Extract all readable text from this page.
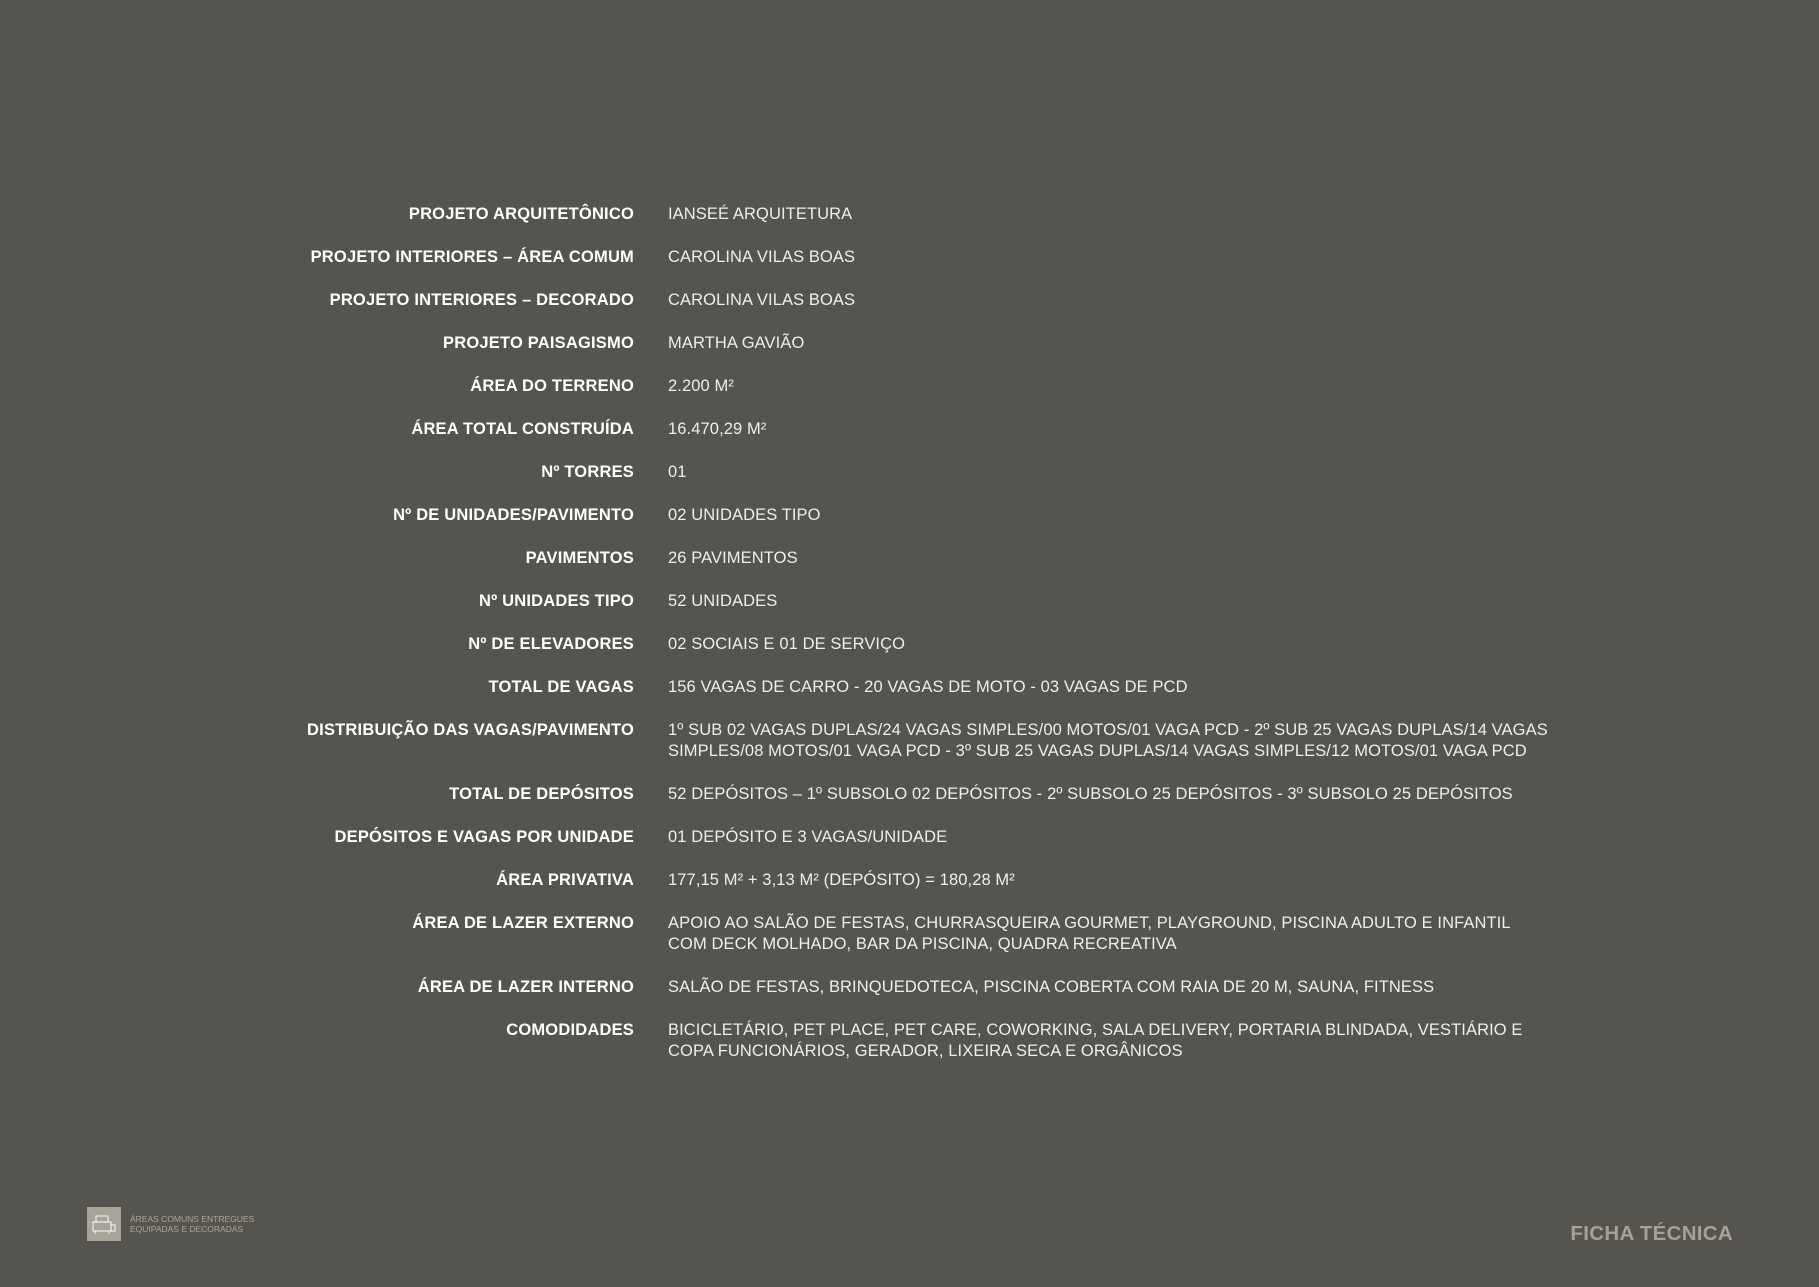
PROJETO ARQUITETÔNICO IANSEÉ ARQUITETURA
PROJETO INTERIORES – ÁREA COMUM CAROLINA VILAS BOAS
PROJETO INTERIORES – DECORADO CAROLINA VILAS BOAS
PROJETO PAISAGISMO MARTHA GAVIÃO
ÁREA DO TERRENO 2.200 M²
ÁREA TOTAL CONSTRUÍDA 16.470,29 M²
Nº TORRES 01
Nº DE UNIDADES/PAVIMENTO 02 UNIDADES TIPO
PAVIMENTOS 26 PAVIMENTOS
Nº UNIDADES TIPO 52 UNIDADES
Nº DE ELEVADORES 02 SOCIAIS E 01 DE SERVIÇO
TOTAL DE VAGAS 156 VAGAS DE CARRO - 20 VAGAS DE MOTO - 03 VAGAS DE PCD
DISTRIBUIÇÃO DAS VAGAS/PAVIMENTO 1º SUB 02 VAGAS DUPLAS/24 VAGAS SIMPLES/00 MOTOS/01 VAGA PCD - 2º SUB 25 VAGAS DUPLAS/14 VAGAS SIMPLES/08 MOTOS/01 VAGA PCD - 3º SUB 25 VAGAS DUPLAS/14 VAGAS SIMPLES/12 MOTOS/01 VAGA PCD
TOTAL DE DEPÓSITOS 52 DEPÓSITOS – 1º SUBSOLO 02 DEPÓSITOS - 2º SUBSOLO 25 DEPÓSITOS - 3º SUBSOLO 25 DEPÓSITOS
DEPÓSITOS E VAGAS POR UNIDADE 01 DEPÓSITO E 3 VAGAS/UNIDADE
ÁREA PRIVATIVA 177,15 M² + 3,13 M² (DEPÓSITO) = 180,28 M²
ÁREA DE LAZER EXTERNO APOIO AO SALÃO DE FESTAS, CHURRASQUEIRA GOURMET, PLAYGROUND, PISCINA ADULTO E INFANTIL COM DECK MOLHADO, BAR DA PISCINA, QUADRA RECREATIVA
ÁREA DE LAZER INTERNO SALÃO DE FESTAS, BRINQUEDOTECA, PISCINA COBERTA COM RAIA DE 20 M, SAUNA, FITNESS
COMODIDADES BICICLETÁRIO, PET PLACE, PET CARE, COWORKING, SALA DELIVERY, PORTARIA BLINDADA, VESTIÁRIO E COPA FUNCIONÁRIOS, GERADOR, LIXEIRA SECA E ORGÂNICOS
ÁREAS COMUNS ENTREGUES EQUIPADAS E DECORADAS	FICHA TÉCNICA
